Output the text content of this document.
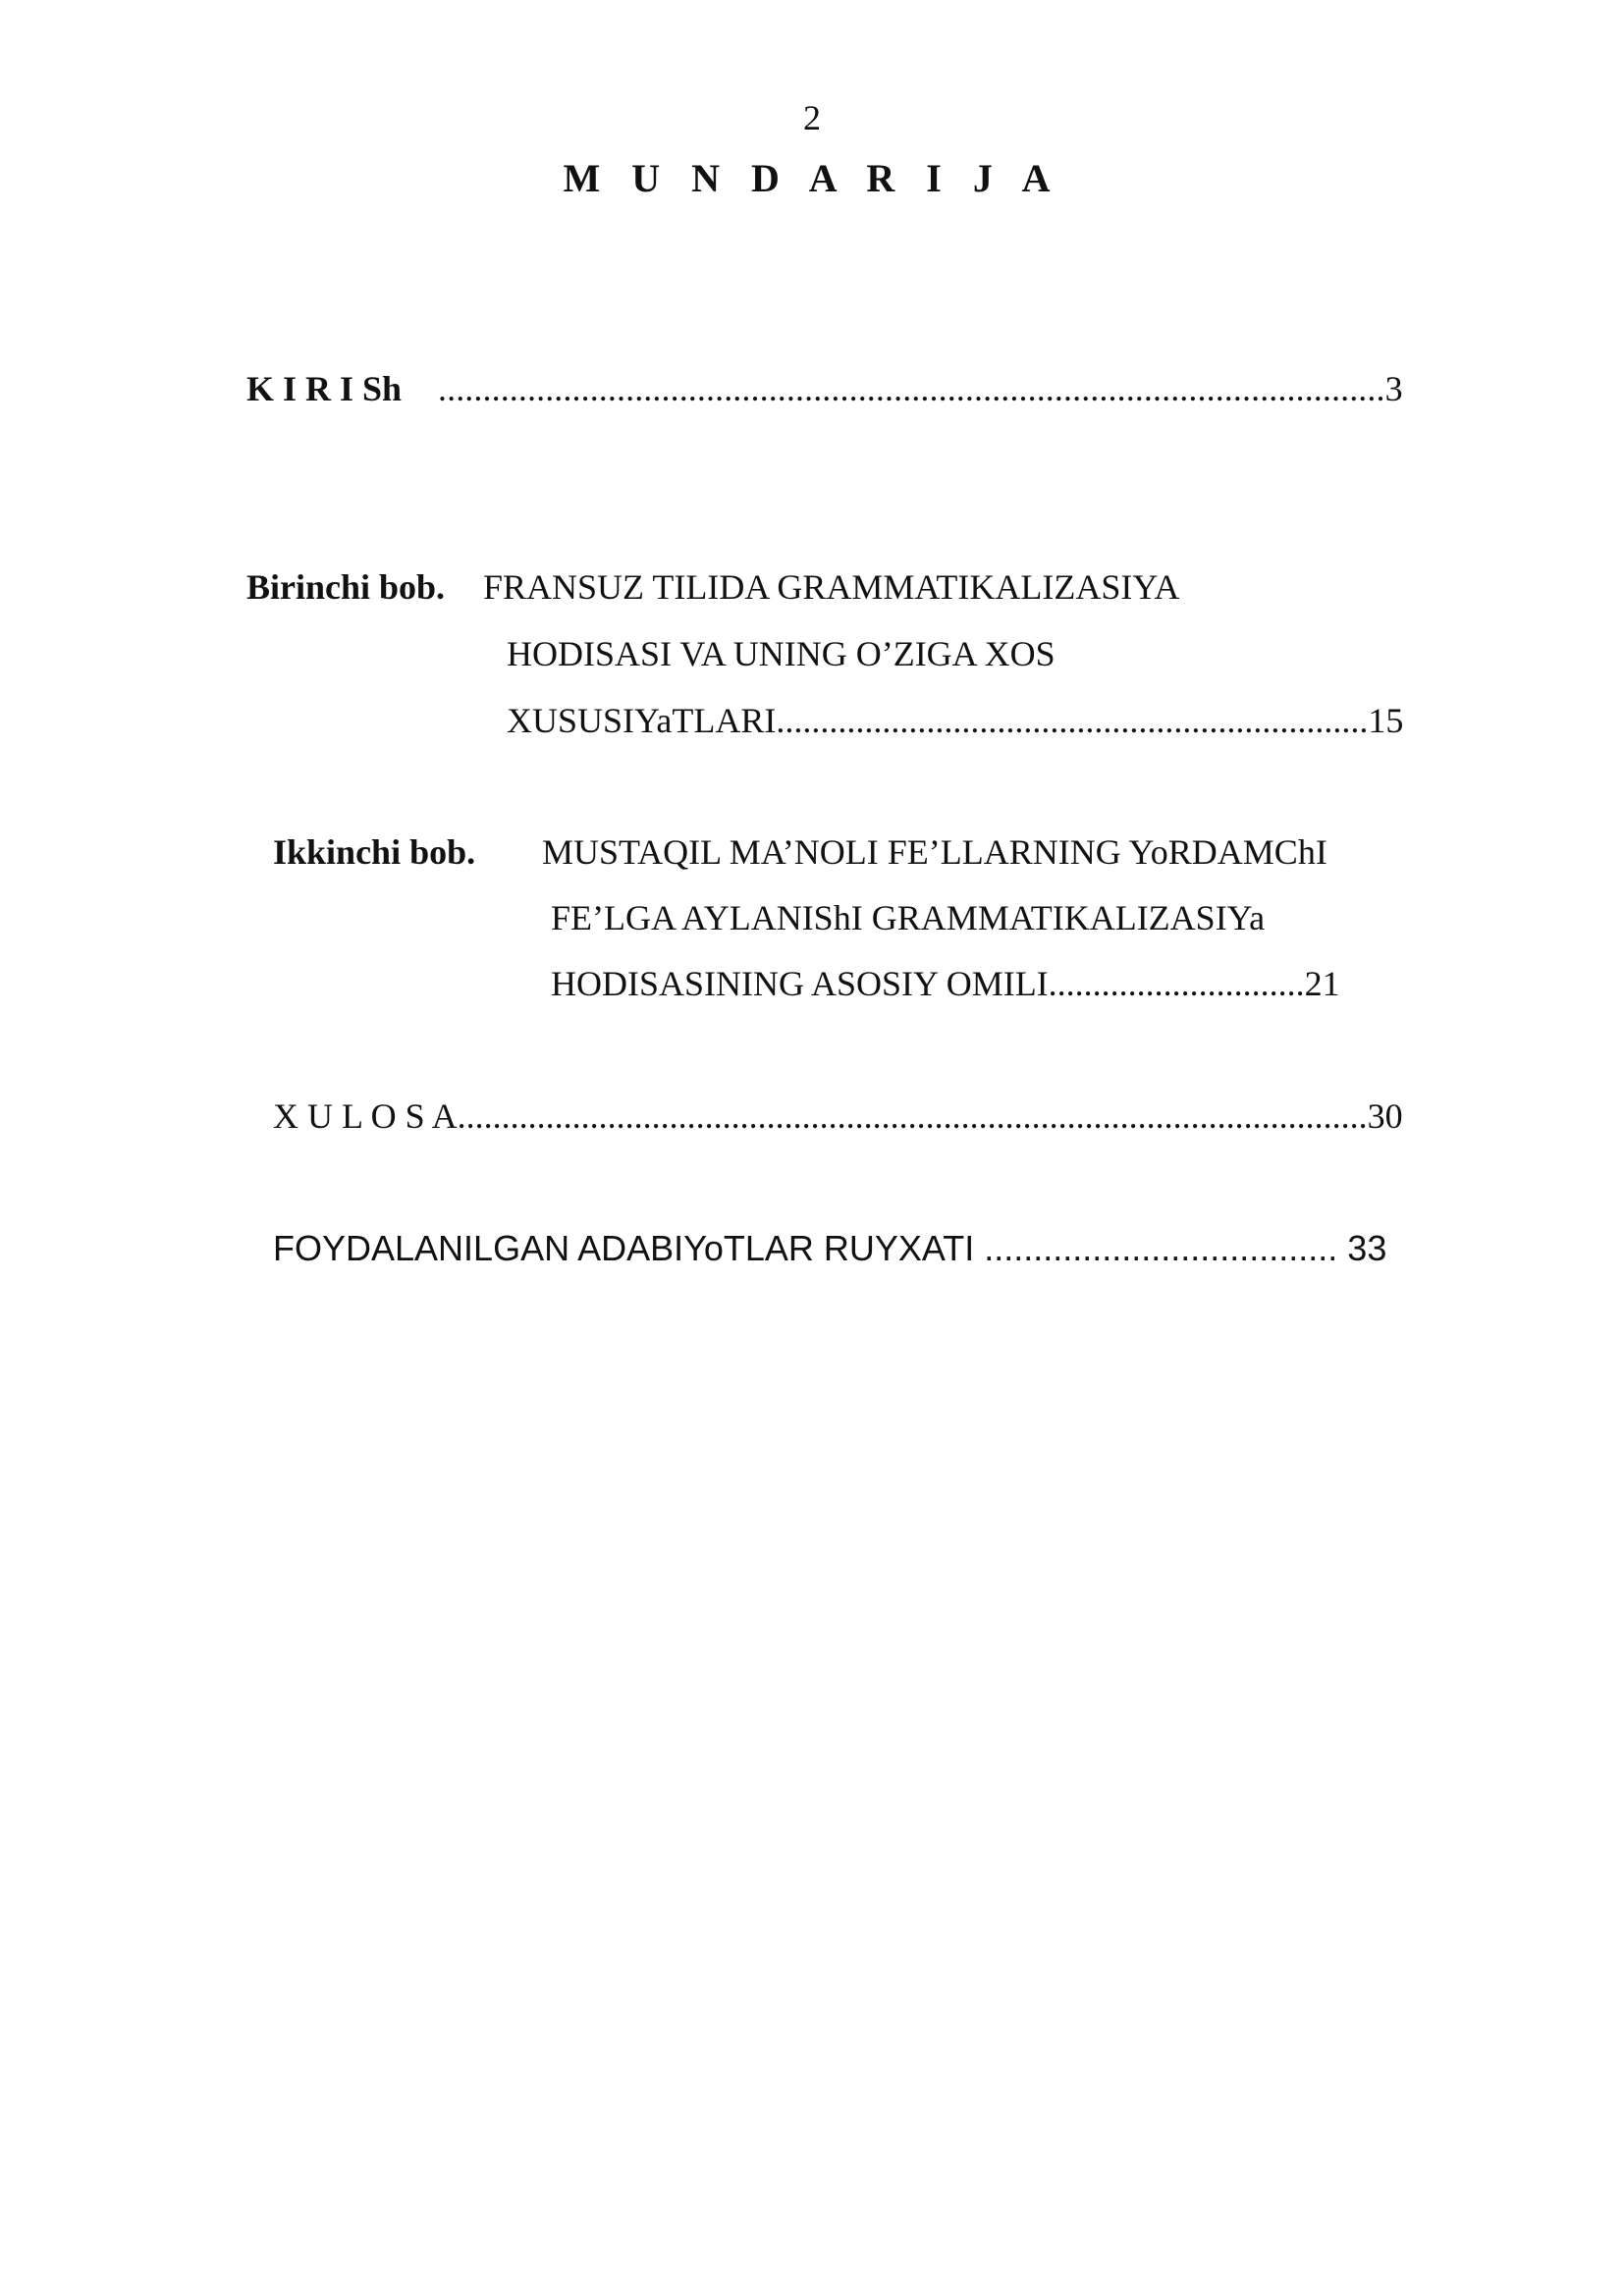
2
M U N D A R I J A
K I R I Sh ..........................................................................................................3
Birinchi bob. FRANSUZ TILIDA GRAMMATIKALIZASIYA
HODISASI VA UNING O’ZIGA XOS
XUSUSIYaTLARI...................................................................15
Ikkinchi bob. MUSTAQIL MA’NOLI FE’LLARNING YoRDAMChI
FE’LGA AYLANIShI GRAMMATIKALIZASIYa
HODISASINING ASOSIY OMILI.............................21
X U L O S A.......................................................................................................30
FOYDALANILGAN ADABIYoTLAR RUYXATI .................................... 33
